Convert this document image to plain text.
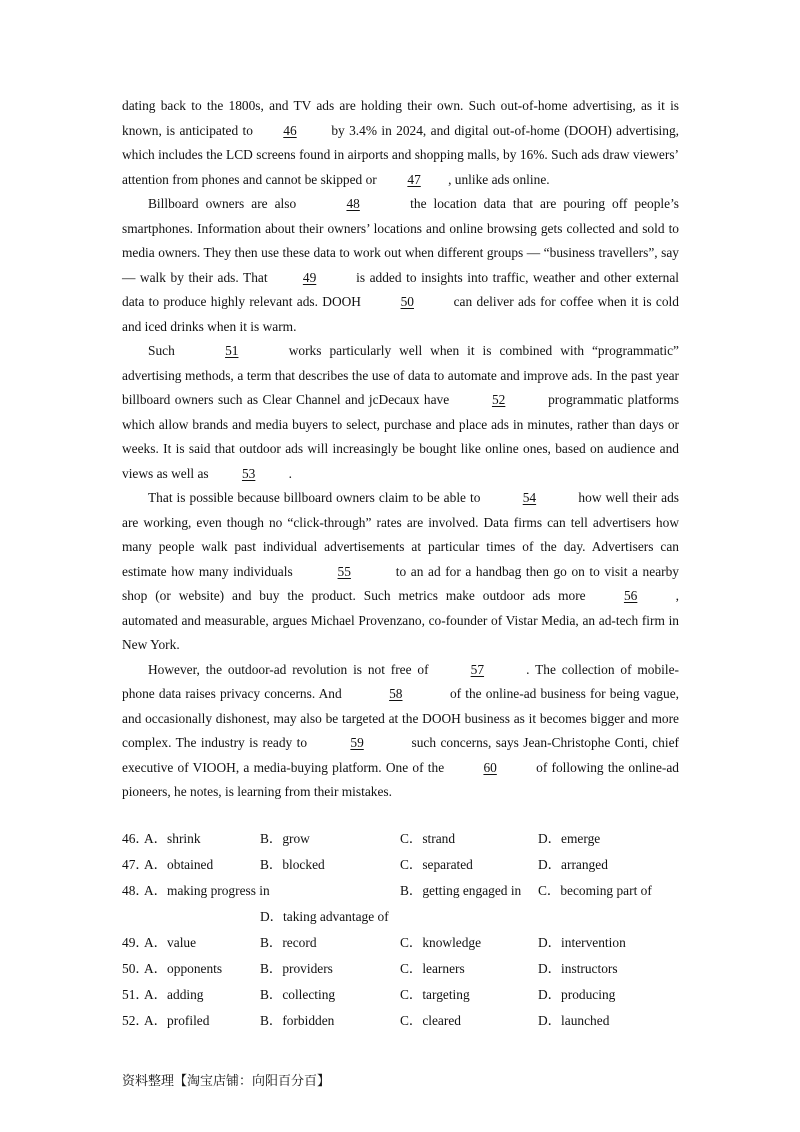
dating back to the 1800s, and TV ads are holding their own. Such out-of-home advertising, as it is known, is anticipated to 46 by 3.4% in 2024, and digital out-of-home (DOOH) advertising, which includes the LCD screens found in airports and shopping malls, by 16%. Such ads draw viewers’ attention from phones and cannot be skipped or 47 , unlike ads online.

Billboard owners are also	48	the location data that are pouring off people’s smartphones. Information about their owners’ locations and online browsing gets collected and sold to media owners. They then use these data to work out when different groups — “business travellers”, say — walk by their ads. That	49	is added to insights into traffic, weather and other external data to produce highly relevant ads. DOOH	50	can deliver ads for coffee when it is cold and iced drinks when it is warm.

Such	51	works particularly well when it is combined with “programmatic” advertising methods, a term that describes the use of data to automate and improve ads. In the past year billboard owners such as Clear Channel and jcDecaux have	52	programmatic platforms which allow brands and media buyers to select, purchase and place ads in minutes, rather than days or weeks. It is said that outdoor ads will increasingly be bought like online ones, based on audience and views as well as 53 .

That is possible because billboard owners claim to be able to	54	how well their ads are working, even though no “click-through” rates are involved. Data firms can tell advertisers how many people walk past individual advertisements at particular times of the day. Advertisers can estimate how many individuals	55	to an ad for a handbag then go on to visit a nearby shop (or website) and buy the product. Such metrics make outdoor ads more	56	, automated and measurable, argues Michael Provenzano, co-founder of Vistar Media, an ad-tech firm in New York.

However, the outdoor-ad revolution is not free of	57	. The collection of mobile-phone data raises privacy concerns. And	58	of the online-ad business for being vague, and occasionally dishonest, may also be targeted at the DOOH business as it becomes bigger and more complex. The industry is ready to	59	such concerns, says Jean-Christophe Conti, chief executive of VIOOH, a media-buying platform. One of the	60	of following the online-ad pioneers, he notes, is learning from their mistakes.

46．
A．shrink	B．grow	C．strand	D．emerge
47．
A．obtained	B．blocked	C．separated	D．arranged
48．
A．making progress in	B．getting engaged in C．becoming part of
D．taking advantage of
49．
A．value	B．record	C．knowledge	D．intervention
50．
A．opponents	B．providers	C．learners	D．instructors
51．
A．adding	B．collecting	C．targeting	D．producing
52．
A．profiled	B．forbidden	C．cleared	D．launched
资料整理【淘宝店铺：向阳百分百】
